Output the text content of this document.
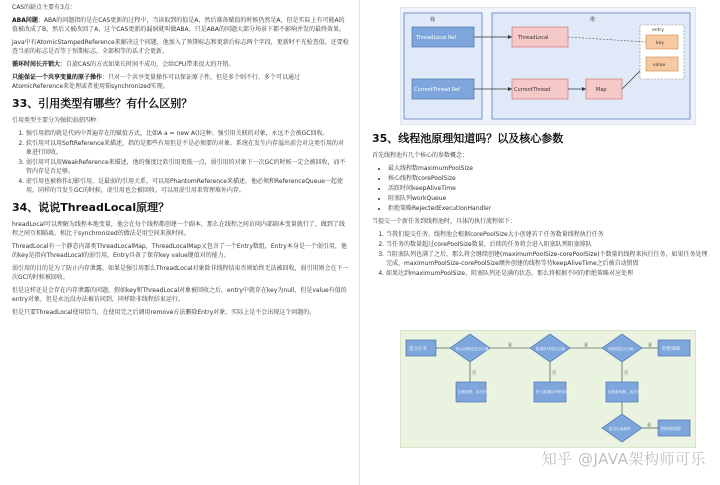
CAS的缺点主要有3点：

ABA问题：ABA的问题指的是在CAS更新的过程中，当读取到的值是A，然后准备赋值的时候仍然是A，但是实际上有可能A的值被改成了B，然后又被改回了A，这个CAS更新的漏洞就叫做ABA。只是ABA的问题大部分场景下都不影响并发的最终效果。

Java中有AtomicStampedReference来解决这个问题，他加入了预期标志和更新后标志两个字段，更新时不光检查值，还要检查当前的标志是否等于预期标志，全部相等的话才会更新。

循环时间长开销大：自旋CAS的方式如果长时间不成功，会给CPU带来很大的开销。

只能保证一个共享变量的原子操作：只对一个共享变量操作可以保证原子性，但是多个则不行，多个可以通过AtomicReference来处理或者使用锁synchronized实现。

33、引用类型有哪些？有什么区别？

引用类型主要分为强软弱虚四种：

1. 强引用指的就是代码中普遍存在的赋值方式，比如A a = new A()这种。强引用关联的对象，永远不会被GC回收。
2. 软引用可以用SoftReference来描述，指的是那些有用但是不是必须要的对象。系统在发生内存溢出前会对这类引用的对象进行回收。
3. 弱引用可以用WeakReference来描述，他的强度比软引用更低一点，弱引用的对象下一次GC的时候一定会被回收，而不管内存是否足够。
4. 虚引用也被称作幻影引用，是最弱的引用关系，可以用PhantomReference来描述，他必须和ReferenceQueue一起使用，同样的当发生GC的时候，虚引用也会被回收。可以用虚引用来管理堆外内存。
34、说说ThreadLocal原理？

hreadLocal可以理解为线程本地变量，他会在每个线程都创建一个副本，那么在线程之间访问内部副本变量就行了，做到了线程之间互相隔离，相比于synchronized的做法是用空间来换时间。

ThreadLocal有一个静态内部类ThreadLocalMap，ThreadLocalMap又包含了一个Entry数组，Entry本身是一个弱引用，他的key是指向ThreadLocal的弱引用，Entry具备了保存key value键值对的能力。

弱引用的目的是为了防止内存泄露，如果是强引用那么ThreadLocal对象除非线程结束否则始终无法被回收，弱引用则会在下一次GC的时候被回收。

但是这样还是会存在内存泄露的问题，假如key和ThreadLocal对象被回收之后，entry中就存在key为null，但是value有值的entry对象，但是永远没办法被访问到，同样除非线程结束运行。

但是只要ThreadLocal使用恰当，在使用完之后调用remove方法删除Entry对象，实际上是不会出现这个问题的。

栈	堆
ThreadLocal Ref	ThreadLocal
CurrentThread Ref	CurrentThread	Map
entry
key
value
35、线程池原理知道吗？以及核心参数

首先线程池有几个核心的参数概念：

• 最大线程数maximumPoolSize
• 核心线程数corePoolSize
• 活跃时间keepAliveTime
• 阻塞队列workQueue
• 拒绝策略RejectedExecutionHandler

当提交一个新任务到线程池时，具体的执行流程如下：

1. 当我们提交任务，线程池会根据corePoolSize大小创建若干任务数量线程执行任务
2. 当任务的数量超过corePoolSize数量，后续的任务将会进入阻塞队列阻塞排队
3. 当阻塞队列也满了之后，那么将会继续创建(maximumPoolSize-corePoolSize)个数量的线程来执行任务，如果任务处理完成，maximumPoolSize-corePoolSize额外创建的线程等待keepAliveTime之后被自动销毁
4. 如果达到maximumPoolSize，阻塞队列还是满的状态，那么将根据不同的拒绝策略对应处理
提交任务	核心线程池是否已满	阻塞队列是否已满	线程池是否已满	拒绝策略
创建线程，执行任务	进入阻塞队列等待执行	创建新线程，执行任务
是否空闲超时	销毁新线程
是	是	是
否	否	否
是
知乎 @JAVA架构师可乐
